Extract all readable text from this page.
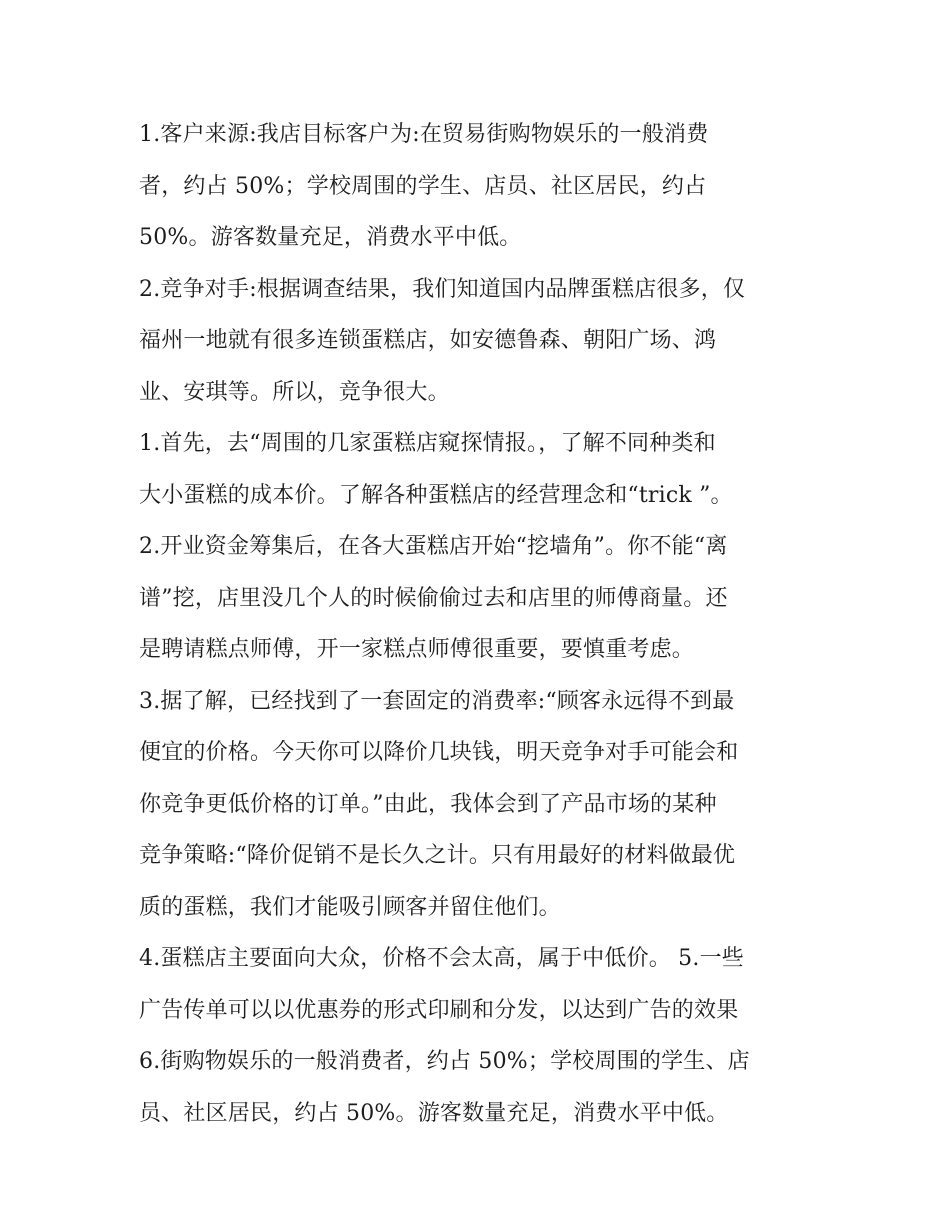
1.客户来源:我店目标客户为:在贸易街购物娱乐的一般消费
者，约占 50%；学校周围的学生、店员、社区居民，约占
50%。游客数量充足，消费水平中低。
2.竞争对手:根据调查结果，我们知道国内品牌蛋糕店很多，仅
福州一地就有很多连锁蛋糕店，如安德鲁森、朝阳广场、鸿
业、安琪等。所以，竞争很大。
1.首先，去“周围的几家蛋糕店窥探情报。，了解不同种类和
大小蛋糕的成本价。了解各种蛋糕店的经营理念和“trick ”。
2.开业资金筹集后，在各大蛋糕店开始“挖墙角”。你不能“离
谱”挖，店里没几个人的时候偷偷过去和店里的师傅商量。还
是聘请糕点师傅，开一家糕点师傅很重要，要慎重考虑。
3.据了解，已经找到了一套固定的消费率:“顾客永远得不到最
便宜的价格。今天你可以降价几块钱，明天竞争对手可能会和
你竞争更低价格的订单。”由此，我体会到了产品市场的某种
竞争策略:“降价促销不是长久之计。只有用最好的材料做最优
质的蛋糕，我们才能吸引顾客并留住他们。
4.蛋糕店主要面向大众，价格不会太高，属于中低价。 5.一些
广告传单可以以优惠券的形式印刷和分发，以达到广告的效果
6.街购物娱乐的一般消费者，约占 50%；学校周围的学生、店
员、社区居民，约占 50%。游客数量充足，消费水平中低。
